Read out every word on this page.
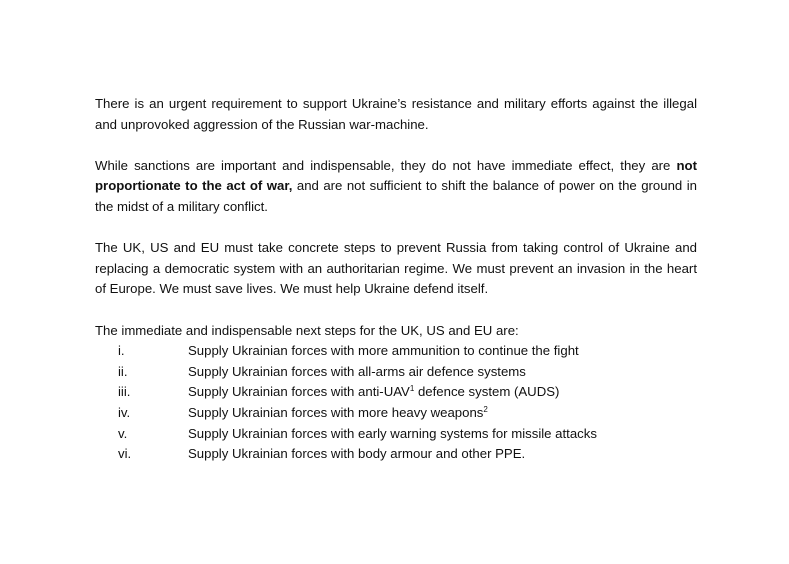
There is an urgent requirement to support Ukraine’s resistance and military efforts against the illegal and unprovoked aggression of the Russian war-machine.

While sanctions are important and indispensable, they do not have immediate effect, they are not proportionate to the act of war, and are not sufficient to shift the balance of power on the ground in the midst of a military conflict.

The UK, US and EU must take concrete steps to prevent Russia from taking control of Ukraine and replacing a democratic system with an authoritarian regime. We must prevent an invasion in the heart of Europe. We must save lives. We must help Ukraine defend itself.

The immediate and indispensable next steps for the UK, US and EU are:

i.	Supply Ukrainian forces with more ammunition to continue the fight
ii.	Supply Ukrainian forces with all-arms air defence systems
iii.	Supply Ukrainian forces with anti-UAV$^1$ defence system (AUDS)
iv.	Supply Ukrainian forces with more heavy weapons$^2$
v.	Supply Ukrainian forces with early warning systems for missile attacks
vi.	Supply Ukrainian forces with body armour and other PPE.
